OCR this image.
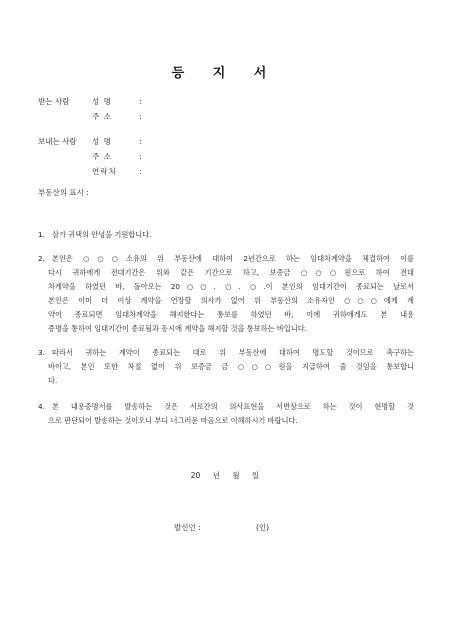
등 지 서
받는 사람	성 명	:
주 소	:
보내는 사람 성 명	:
주 소	:
연락처	:
부동산의 표시 :
1. 삼가 귀댁의 안녕을 기원합니다.
2. 본인은 ○○○소유의 위 부동산에 대하여 2년간으로 하는 임대차계약을 체결하여 이를
다시 귀하에게 전대기간은 위와 같은 기간으로 하고, 보증금 ○○○원으로 하여 전대
차계약을 하였던 바, 돌아오는 20○○. ○. ○.이 본인의 임대기간이 종료되는 날로서
본인은 이미 더 이상 계약을 연장할 의사가 없어 위 부동산의 소유자인 ○○○에게 계
약이 종료되면 임대차계약을 해지한다는 통보를 하였던 바, 이에 귀하에게도 본 내용
증명을 통하여 임대기간이 종료됨과 동시에 계약을 해지할 것을 통보하는 바입니다.
3. 따라서 귀하는 계약이 종료되는 대로 위 부동산에 대하여 명도할 것이므로 촉구하는
바이고, 본인 또한 차질 없이 위 보증금 금 ○○○원을 지급하여 줄 것임을 통보합니
다.
4. 본 내용증명서를 발송하는 것은 서로간의 의사표현을 서면상으로 하는 것이 현명할 것
으로 판단되어 발송하는 것이오니 부디 너그러운 마음으로 이해하시기 바랍니다.
20 년 월 일
발신인 :	(인)
